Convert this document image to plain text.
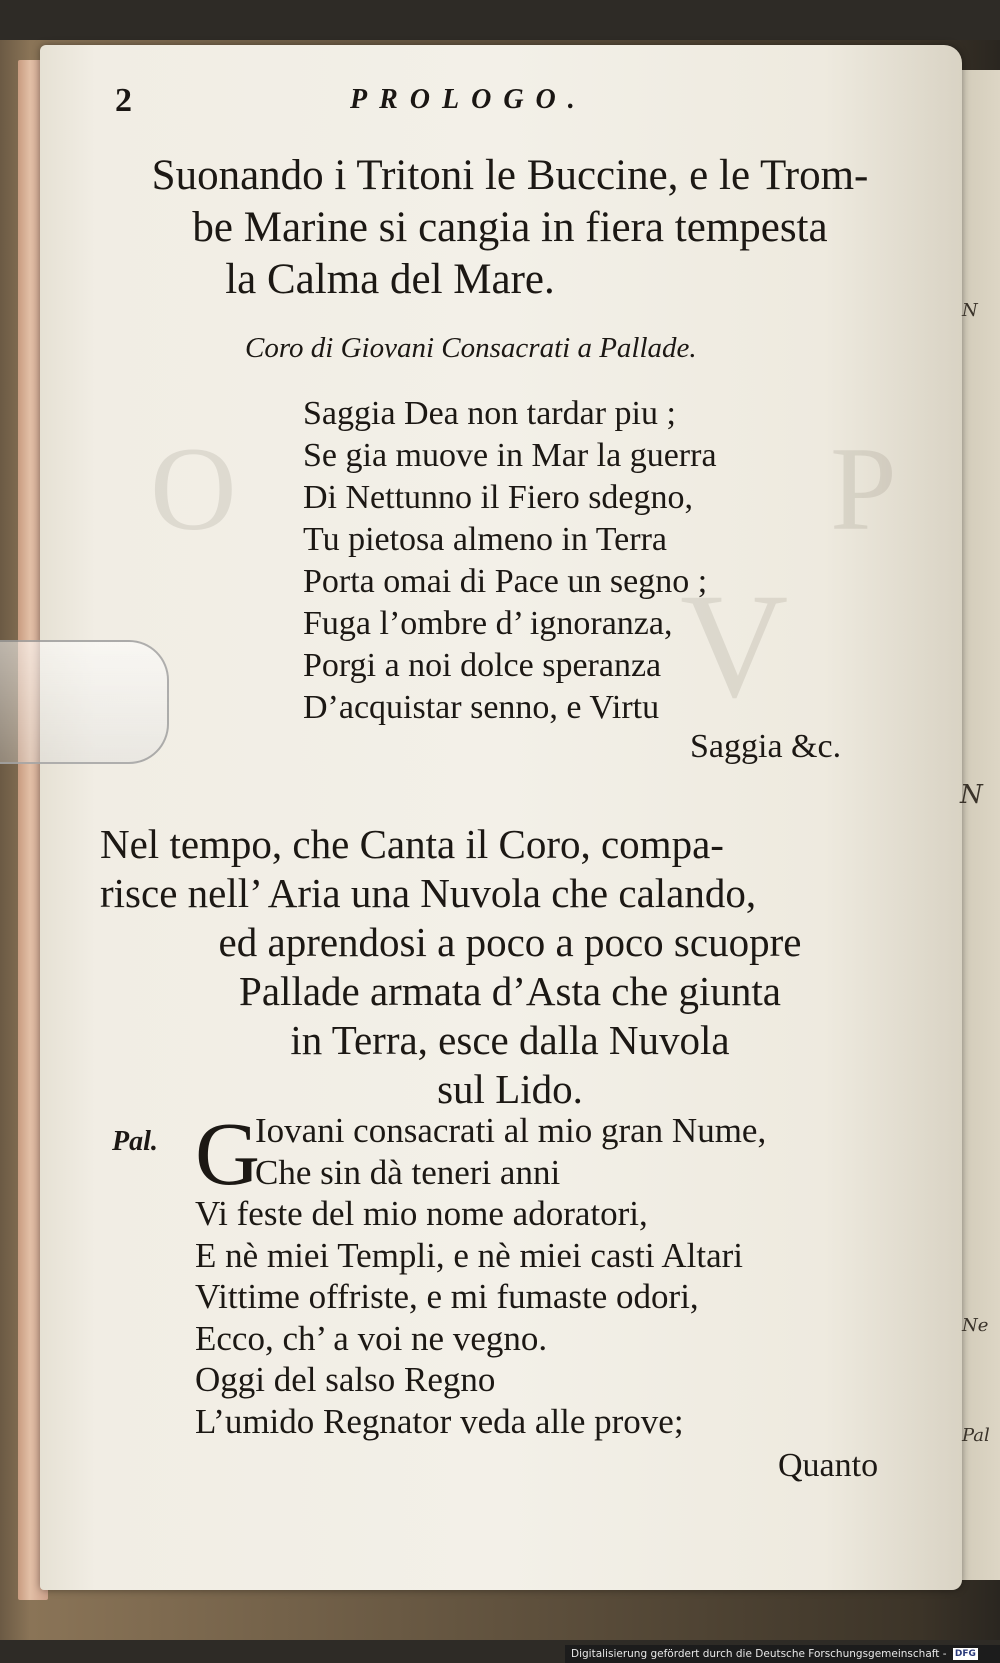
O	P
V
2	PROLOGO.
Suonando i Tritoni le Buccine, e le Trom-
be Marine si cangia in fiera tempesta
la Calma del Mare.
Coro di Giovani Consacrati a Pallade.
Saggia Dea non tardar piu ;
Se gia muove in Mar la guerra
Di Nettunno il Fiero sdegno,
Tu pietosa almeno in Terra
Porta omai di Pace un segno ;
Fuga l’ombre d’ ignoranza,
Porgi a noi dolce speranza
D’acquistar senno, e Virtu
Saggia &c.
Nel tempo, che Canta il Coro, compa-
risce nell’ Aria una Nuvola che calando,
ed aprendosi a poco a poco scuopre
Pallade armata d’Asta che giunta
in Terra, esce dalla Nuvola
sul Lido.
Pal. G
Iovani consacrati al mio gran Nume,
Che sin dà teneri anni
Vi feste del mio nome adoratori,
E nè miei Templi, e nè miei casti Altari
Vittime offriste, e mi fumaste odori,
Ecco, ch’ a voi ne vegno.
Oggi del salso Regno
L’umido Regnator veda alle prove;
Quanto
N
N
Ne
Pal
Digitalisierung gefördert durch die Deutsche Forschungsgemeinschaft - DFG
